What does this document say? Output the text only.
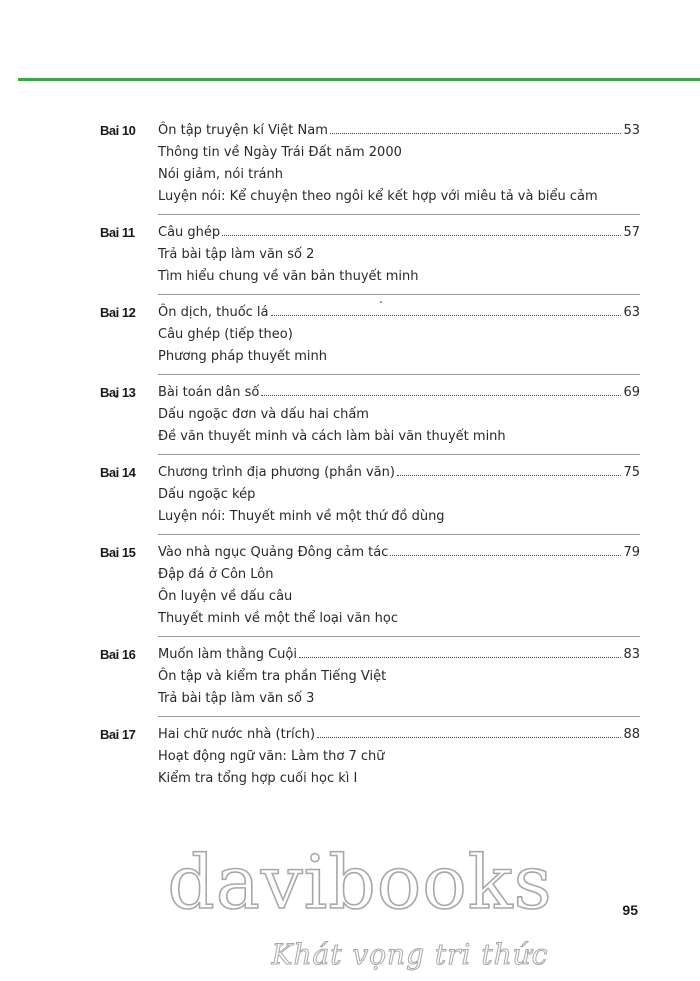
Bai 10	Ôn tập truyện kí Việt Nam	53
Thông tin về Ngày Trái Đất năm 2000
Nói giảm, nói tránh
Luyện nói: Kể chuyện theo ngôi kể kết hợp với miêu tả và biểu cảm
Bai 11	Câu ghép	57
Trả bài tập làm văn số 2
Tìm hiểu chung về văn bản thuyết minh
Bai 12	Ôn dịch, thuốc lá	63
Câu ghép (tiếp theo)
Phương pháp thuyết minh
Bai 13	Bài toán dân số	69
Dấu ngoặc đơn và dấu hai chấm
Đề văn thuyết minh và cách làm bài văn thuyết minh
Bai 14	Chương trình địa phương (phần văn)	75
Dấu ngoặc kép
Luyện nói: Thuyết minh về một thứ đồ dùng
Bai 15	Vào nhà ngục Quảng Đông cảm tác	79
Đập đá ở Côn Lôn
Ôn luyện về dấu câu
Thuyết minh về một thể loại văn học
Bai 16	Muốn làm thằng Cuội	83
Ôn tập và kiểm tra phần Tiếng Việt
Trả bài tập làm văn số 3
Bai 17	Hai chữ nước nhà (trích)	88
Hoạt động ngữ văn: Làm thơ 7 chữ
Kiểm tra tổng hợp cuối học kì I
95
davibooks
Khát vọng tri thức
